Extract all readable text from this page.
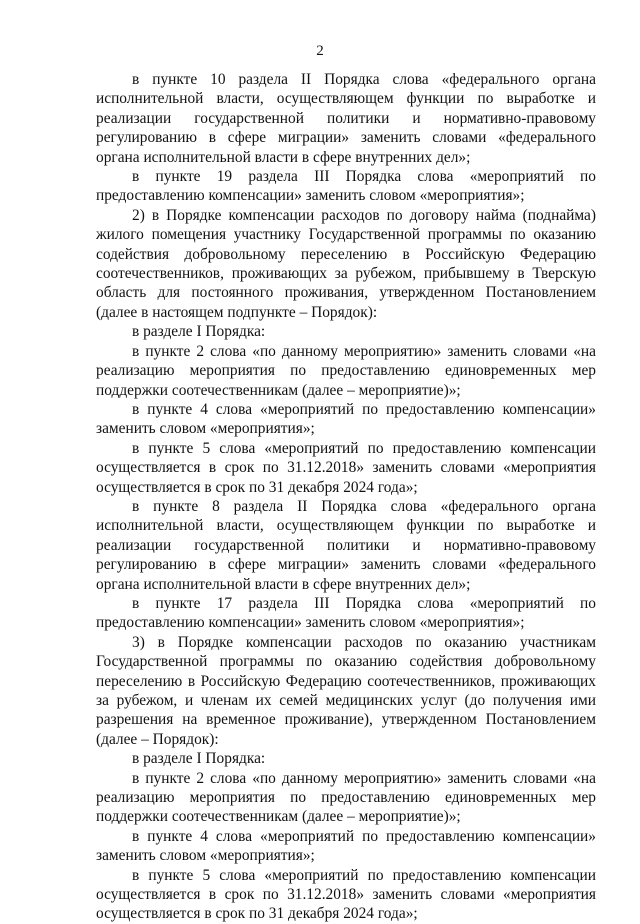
2

в пункте 10 раздела II Порядка слова «федерального органа исполнительной власти, осуществляющем функции по выработке и реализации государственной политики и нормативно-правовому регулированию в сфере миграции» заменить словами «федерального органа исполнительной власти в сфере внутренних дел»;

в пункте 19 раздела III Порядка слова «мероприятий по предоставлению компенсации» заменить словом «мероприятия»;

2) в Порядке компенсации расходов по договору найма (поднайма) жилого помещения участнику Государственной программы по оказанию содействия добровольному переселению в Российскую Федерацию соотечественников, проживающих за рубежом, прибывшему в Тверскую область для постоянного проживания, утвержденном Постановлением (далее в настоящем подпункте – Порядок):

в разделе I Порядка:

в пункте 2 слова «по данному мероприятию» заменить словами «на реализацию мероприятия по предоставлению единовременных мер поддержки соотечественникам (далее – мероприятие)»;

в пункте 4 слова «мероприятий по предоставлению компенсации» заменить словом «мероприятия»;

в пункте 5 слова «мероприятий по предоставлению компенсации осуществляется в срок по 31.12.2018» заменить словами «мероприятия осуществляется в срок по 31 декабря 2024 года»;

в пункте 8 раздела II Порядка слова «федерального органа исполнительной власти, осуществляющем функции по выработке и реализации государственной политики и нормативно-правовому регулированию в сфере миграции» заменить словами «федерального органа исполнительной власти в сфере внутренних дел»;

в пункте 17 раздела III Порядка слова «мероприятий по предоставлению компенсации» заменить словом «мероприятия»;

3) в Порядке компенсации расходов по оказанию участникам Государственной программы по оказанию содействия добровольному переселению в Российскую Федерацию соотечественников, проживающих за рубежом, и членам их семей медицинских услуг (до получения ими разрешения на временное проживание), утвержденном Постановлением (далее – Порядок):

в разделе I Порядка:

в пункте 2 слова «по данному мероприятию» заменить словами «на реализацию мероприятия по предоставлению единовременных мер поддержки соотечественникам (далее – мероприятие)»;

в пункте 4 слова «мероприятий по предоставлению компенсации» заменить словом «мероприятия»;

в пункте 5 слова «мероприятий по предоставлению компенсации осуществляется в срок по 31.12.2018» заменить словами «мероприятия осуществляется в срок по 31 декабря 2024 года»;
